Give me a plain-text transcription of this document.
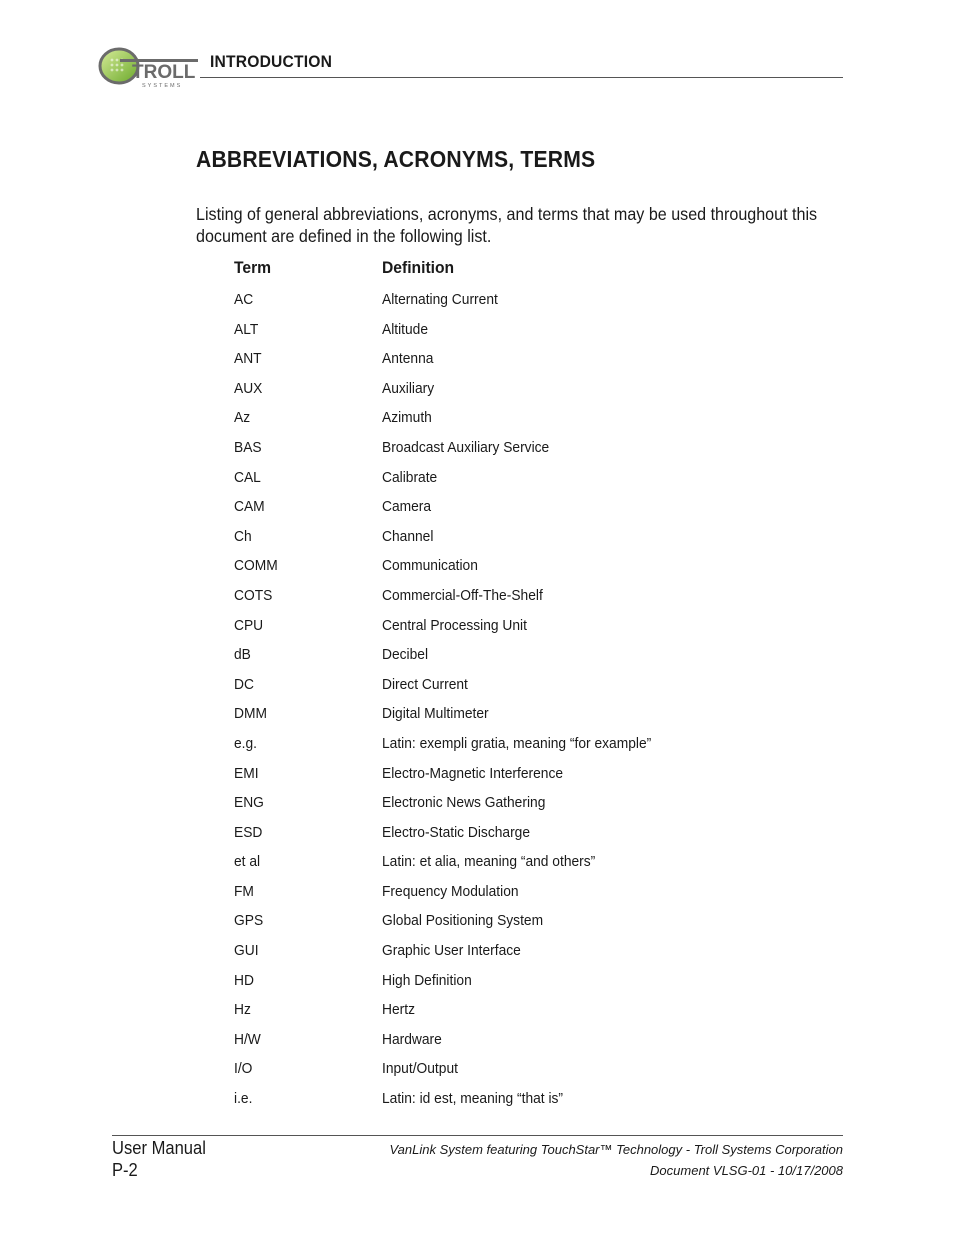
TROLL
SYSTEMS
INTRODUCTION
ABBREVIATIONS, ACRONYMS, TERMS
Listing of general abbreviations, acronyms, and terms that may be used throughout this document are defined in the following list.
Term	Definition
AC	Alternating Current
ALT	Altitude
ANT	Antenna
AUX	Auxiliary
Az	Azimuth
BAS	Broadcast Auxiliary Service
CAL	Calibrate
CAM	Camera
Ch	Channel
COMM	Communication
COTS	Commercial-Off-The-Shelf
CPU	Central Processing Unit
dB	Decibel
DC	Direct Current
DMM	Digital Multimeter
e.g.	Latin: exempli gratia, meaning “for example”
EMI	Electro-Magnetic Interference
ENG	Electronic News Gathering
ESD	Electro-Static Discharge
et al	Latin: et alia, meaning “and others”
FM	Frequency Modulation
GPS	Global Positioning System
GUI	Graphic User Interface
HD	High Definition
Hz	Hertz
H/W	Hardware
I/O	Input/Output
i.e.	Latin: id est, meaning “that is”
User Manual
P-2
VanLink System featuring TouchStar™ Technology - Troll Systems Corporation
Document VLSG-01 - 10/17/2008
